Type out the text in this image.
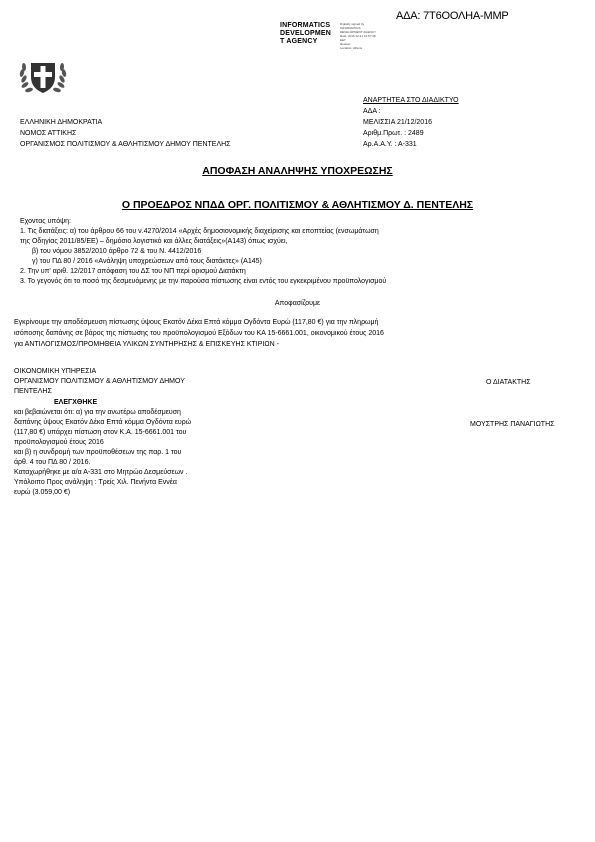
ΑΔΑ: 7Τ6ΟΟΛΗΑ-ΜΜΡ
INFORMATICS
DEVELOPMEN
T AGENCY
Digitally signed by
INFORMATICS
DEVELOPMENT AGENCY
Date: 2016.12.21 12:57:38
EET
Reason:
Location: Athens
ΑΝΑΡΤΗΤΕΑ ΣΤΟ ΔΙΑΔΙΚΤΥΟ
ΑΔΑ :
ΜΕΛΙΣΣΙΑ 21/12/2016
Αριθμ.Πρωτ. : 2489
Αρ.Α.Α.Υ. : Α-331
ΕΛΛΗΝΙΚΗ ΔΗΜΟΚΡΑΤΙΑ
ΝΟΜΟΣ ΑΤΤΙΚΗΣ
ΟΡΓΑΝΙΣΜΟΣ ΠΟΛΙΤΙΣΜΟΥ & ΑΘΛΗΤΙΣΜΟΥ ΔΗΜΟΥ ΠΕΝΤΕΛΗΣ
ΑΠΟΦΑΣΗ ΑΝΑΛΗΨΗΣ ΥΠΟΧΡΕΩΣΗΣ
Ο ΠΡΟΕΔΡΟΣ ΝΠΔΔ ΟΡΓ. ΠΟΛΙΤΙΣΜΟΥ & ΑΘΛΗΤΙΣΜΟΥ Δ. ΠΕΝΤΕΛΗΣ
Εχοντας υπόψη:
1. Τις διατάξεις: α) του άρθρου 66 του ν.4270/2014 «Αρχές δημοσιονομικής διαχείρισης και εποπτείας (ενσωμάτωση
της Οδηγίας 2011/85/ΕΕ) – δημόσιο λογιστικό και άλλες διατάξεις»(Α143) όπως ισχύει,
β) του νόμου 3852/2010 άρθρο 72 & του Ν. 4412/2016
γ) του ΠΔ 80 / 2016 «Ανάληψη υποχρεώσεων από τους διατάκτες» (Α145)
2. Την υπ' αριθ. 12/2017 απόφαση του ΔΣ του ΝΠ περί ορισμού Διατάκτη
3. Το γεγονός ότι το ποσό της δεσμευόμενης με την παρούσα πίστωσης είναι εντός του εγκεκριμένου προϋπολογισμού
Αποφασίζουμε
Εγκρίνουμε την αποδέσμευση πίστωσης ύψους Εκατόν Δέκα Επτά κόμμα Ογδόντα Ευρώ (117,80 €) για την πληρωμή
ισόποσης δαπάνης σε βάρος της πίστωσης του προϋπολογισμού Εξόδων του ΚΑ 15-6661.001, οικονομικού έτους 2016
για ΑΝΤΙΛΟΓΙΣΜΟΣ/ΠΡΟΜΗΘΕΙΑ ΥΛΙΚΩΝ ΣΥΝΤΗΡΗΣΗΣ & ΕΠΙΣΚΕΥΗΣ ΚΤΙΡΙΩΝ -
ΟΙΚΟΝΟΜΙΚΗ ΥΠΗΡΕΣΙΑ
ΟΡΓΑΝΙΣΜΟΥ ΠΟΛΙΤΙΣΜΟΥ & ΑΘΛΗΤΙΣΜΟΥ ΔΗΜΟΥ
ΠΕΝΤΕΛΗΣ
ΕΛΕΓΧΘΗΚΕ
και βεβαιώνεται ότι: α) για την ανωτέρω αποδέσμευση
δαπάνης ύψους Εκατόν Δέκα Επτά κόμμα Ογδόντα ευρώ
(117,80 €) υπάρχει πίστωση στον Κ.Α. 15-6661.001 του
προϋπολογισμού έτους 2016
και β) η συνδρομή των προϋποθέσεων της παρ. 1 του
άρθ. 4 του ΠΔ 80 / 2016.
Καταχωρήθηκε με α/α Α-331 στο Μητρώο Δεσμεύσεων .
Υπόλοιπο Προς ανάληψη : Τρείς Χιλ. Πενήντα Εννέα
ευρώ (3.059,00 €)
Ο ΔΙΑΤΑΚΤΗΣ
ΜΟΥΣΤΡΗΣ ΠΑΝΑΓΙΩΤΗΣ
